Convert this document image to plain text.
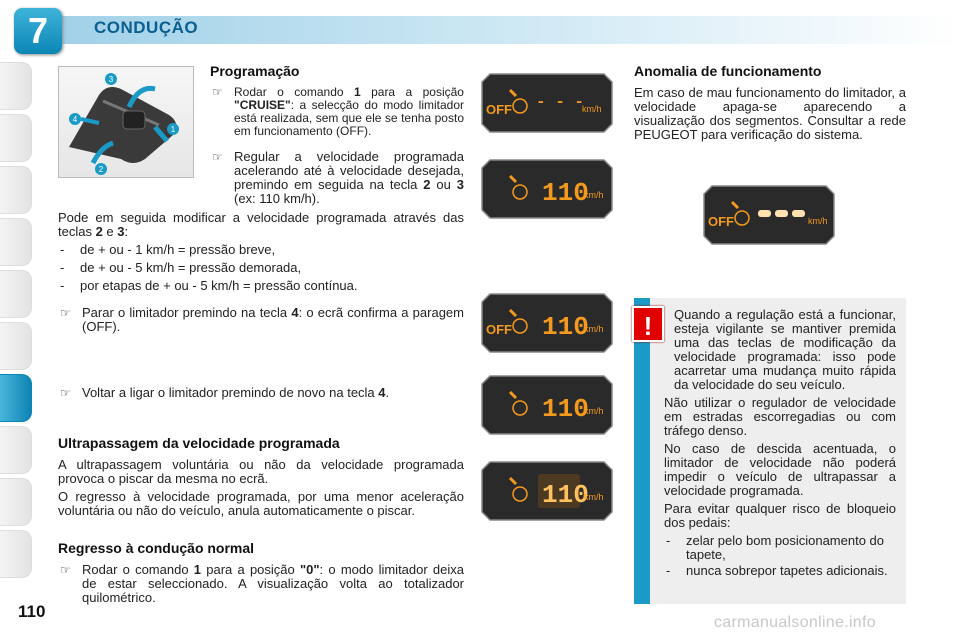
7	CONDUÇÃO
1
2
3
4
Programação
☞ Rodar o comando 1 para a posição "CRUISE": a selecção do modo limitador está realizada, sem que ele se tenha posto em funcionamento (OFF).
☞ Regular a velocidade programada acelerando até à velocidade desejada, premindo em seguida na tecla 2 ou 3 (ex: 110 km/h).
Pode em seguida modificar a velocidade programada através das teclas 2 e 3:
- de + ou - 1 km/h = pressão breve,
- de + ou - 5 km/h = pressão demorada,
- por etapas de + ou - 5 km/h = pressão contínua.
☞ Parar o limitador premindo na tecla 4: o ecrã confirma a paragem (OFF).
☞ Voltar a ligar o limitador premindo de novo na tecla 4.
Ultrapassagem da velocidade programada
A ultrapassagem voluntária ou não da velocidade programada provoca o piscar da mesma no ecrã.
O regresso à velocidade programada, por uma menor aceleração voluntária ou não do veículo, anula automaticamente o piscar.
Regresso à condução normal
☞ Rodar o comando 1 para a posição "0": o modo limitador deixa de estar seleccionado. A visualização volta ao totalizador quilométrico.
OFF - - -
km/h
110
km/h
OFF 110
km/h
110
km/h
110
km/h
Anomalia de funcionamento
Em caso de mau funcionamento do limitador, a velocidade apaga-se aparecendo a visualização dos segmentos. Consultar a rede PEUGEOT para verificação do sistema.
OFF	km/h
Quando a regulação está a funcionar, esteja vigilante se mantiver premida uma das teclas de modificação da velocidade programada: isso pode acarretar uma mudança muito rápida da velocidade do seu veículo.
Não utilizar o regulador de velocidade em estradas escorregadias ou com tráfego denso.
No caso de descida acentuada, o limitador de velocidade não poderá impedir o veículo de ultrapassar a velocidade programada.
Para evitar qualquer risco de bloqueio dos pedais:
- zelar pelo bom posicionamento do tapete,
- nunca sobrepor tapetes adicionais.
!
110
carmanualsonline.info
